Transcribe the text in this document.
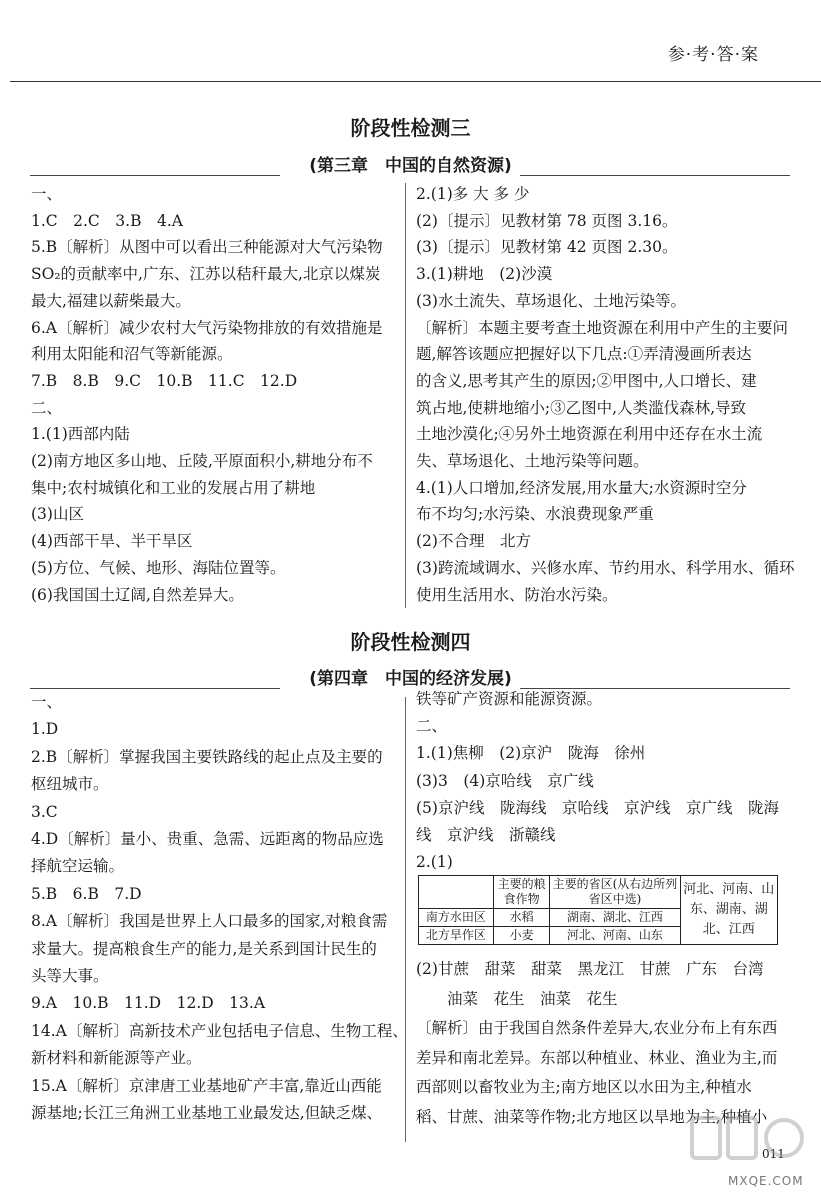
参·考·答·案
阶段性检测三
(第三章　中国的自然资源)
一、
1.C　2.C　3.B　4.A
5.B〔解析〕从图中可以看出三种能源对大气污染物
SO₂的贡献率中,广东、江苏以秸秆最大,北京以煤炭
最大,福建以薪柴最大。
6.A〔解析〕减少农村大气污染物排放的有效措施是
利用太阳能和沼气等新能源。
7.B　8.B　9.C　10.B　11.C　12.D
二、
1.(1)西部内陆
(2)南方地区多山地、丘陵,平原面积小,耕地分布不
集中;农村城镇化和工业的发展占用了耕地
(3)山区
(4)西部干旱、半干旱区
(5)方位、气候、地形、海陆位置等。
(6)我国国土辽阔,自然差异大。
2.(1)多 大 多 少
(2)〔提示〕见教材第 78 页图 3.16。
(3)〔提示〕见教材第 42 页图 2.30。
3.(1)耕地　(2)沙漠
(3)水土流失、草场退化、土地污染等。
〔解析〕本题主要考查土地资源在利用中产生的主要问
题,解答该题应把握好以下几点:①弄清漫画所表达
的含义,思考其产生的原因;②甲图中,人口增长、建
筑占地,使耕地缩小;③乙图中,人类滥伐森林,导致
土地沙漠化;④另外土地资源在利用中还存在水土流
失、草场退化、土地污染等问题。
4.(1)人口增加,经济发展,用水量大;水资源时空分
布不均匀;水污染、水浪费现象严重
(2)不合理　北方
(3)跨流域调水、兴修水库、节约用水、科学用水、循环
使用生活用水、防治水污染。
阶段性检测四
(第四章　中国的经济发展)
一、
1.D
2.B〔解析〕掌握我国主要铁路线的起止点及主要的
枢纽城市。
3.C
4.D〔解析〕量小、贵重、急需、远距离的物品应选
择航空运输。
5.B　6.B　7.D
8.A〔解析〕我国是世界上人口最多的国家,对粮食需
求量大。提高粮食生产的能力,是关系到国计民生的
头等大事。
9.A　10.B　11.D　12.D　13.A
14.A〔解析〕高新技术产业包括电子信息、生物工程、
新材料和新能源等产业。
15.A〔解析〕京津唐工业基地矿产丰富,靠近山西能
源基地;长江三角洲工业基地工业最发达,但缺乏煤、
铁等矿产资源和能源资源。
二、
1.(1)焦柳　(2)京沪　陇海　徐州
(3)3　(4)京哈线　京广线
(5)京沪线　陇海线　京哈线　京沪线　京广线　陇海
线　京沪线　浙赣线
2.(1)
	主要的粮食作物	主要的省区(从右边所列省区中选)	河北、河南、山东、湖南、湖北、江西
南方水田区	水稻	湖南、湖北、江西	
北方旱作区	小麦	河北、河南、山东	
(2)甘蔗　甜菜　甜菜　黑龙江　甘蔗　广东　台湾
　　油菜　花生　油菜　花生
〔解析〕由于我国自然条件差异大,农业分布上有东西
差异和南北差异。东部以种植业、林业、渔业为主,而
西部则以畜牧业为主;南方地区以水田为主,种植水
稻、甘蔗、油菜等作物;北方地区以旱地为主,种植小
011
MXQE.COM
